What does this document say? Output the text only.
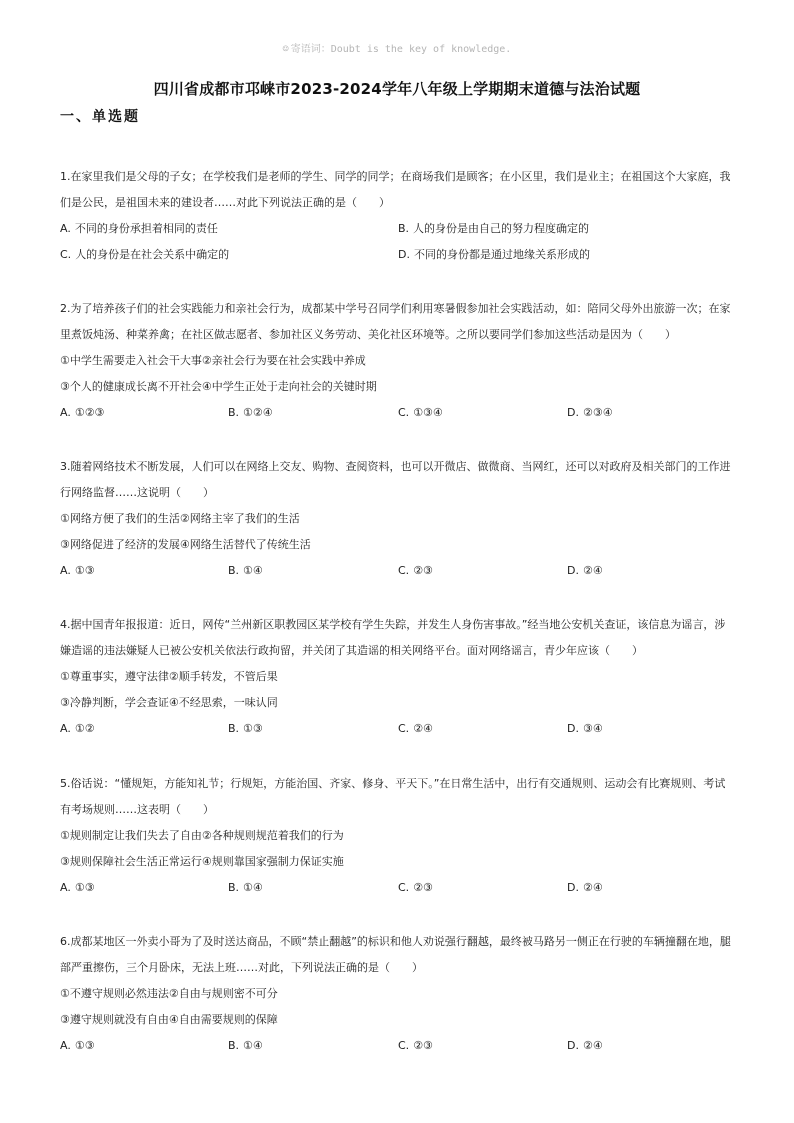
☺ 寄语词：Doubt is the key of knowledge.
四川省成都市邛崃市2023-2024学年八年级上学期期末道德与法治试题
一、单选题
1.在家里我们是父母的子女；在学校我们是老师的学生、同学的同学；在商场我们是顾客；在小区里，我们是业主；在祖国这个大家庭，我们是公民，是祖国未来的建设者……对此下列说法正确的是（　　）
A. 不同的身份承担着相同的责任	B. 人的身份是由自己的努力程度确定的
C. 人的身份是在社会关系中确定的	D. 不同的身份都是通过地缘关系形成的
2.为了培养孩子们的社会实践能力和亲社会行为，成都某中学号召同学们利用寒暑假参加社会实践活动，如：陪同父母外出旅游一次；在家里煮饭炖汤、种菜养禽；在社区做志愿者、参加社区义务劳动、美化社区环境等。之所以要同学们参加这些活动是因为（　　）
①中学生需要走入社会干大事②亲社会行为要在社会实践中养成
③个人的健康成长离不开社会④中学生正处于走向社会的关键时期
A. ①②③	B. ①②④	C. ①③④	D. ②③④
3.随着网络技术不断发展，人们可以在网络上交友、购物、查阅资料，也可以开微店、做微商、当网红，还可以对政府及相关部门的工作进行网络监督……这说明（　　）
①网络方便了我们的生活②网络主宰了我们的生活
③网络促进了经济的发展④网络生活替代了传统生活
A. ①③	B. ①④	C. ②③	D. ②④
4.据中国青年报报道：近日，网传“兰州新区职教园区某学校有学生失踪，并发生人身伤害事故。”经当地公安机关查证，该信息为谣言，涉嫌造谣的违法嫌疑人已被公安机关依法行政拘留，并关闭了其造谣的相关网络平台。面对网络谣言，青少年应该（　　）
①尊重事实，遵守法律②顺手转发，不管后果
③冷静判断，学会查证④不经思索，一味认同
A. ①②	B. ①③	C. ②④	D. ③④
5.俗话说：“懂规矩，方能知礼节；行规矩，方能治国、齐家、修身、平天下。”在日常生活中，出行有交通规则、运动会有比赛规则、考试有考场规则……这表明（　　）
①规则制定让我们失去了自由②各种规则规范着我们的行为
③规则保障社会生活正常运行④规则靠国家强制力保证实施
A. ①③	B. ①④	C. ②③	D. ②④
6.成都某地区一外卖小哥为了及时送达商品，不顾“禁止翻越”的标识和他人劝说强行翻越，最终被马路另一侧正在行驶的车辆撞翻在地，腿部严重擦伤，三个月卧床，无法上班……对此，下列说法正确的是（　　）
①不遵守规则必然违法②自由与规则密不可分
③遵守规则就没有自由④自由需要规则的保障
A. ①③	B. ①④	C. ②③	D. ②④
